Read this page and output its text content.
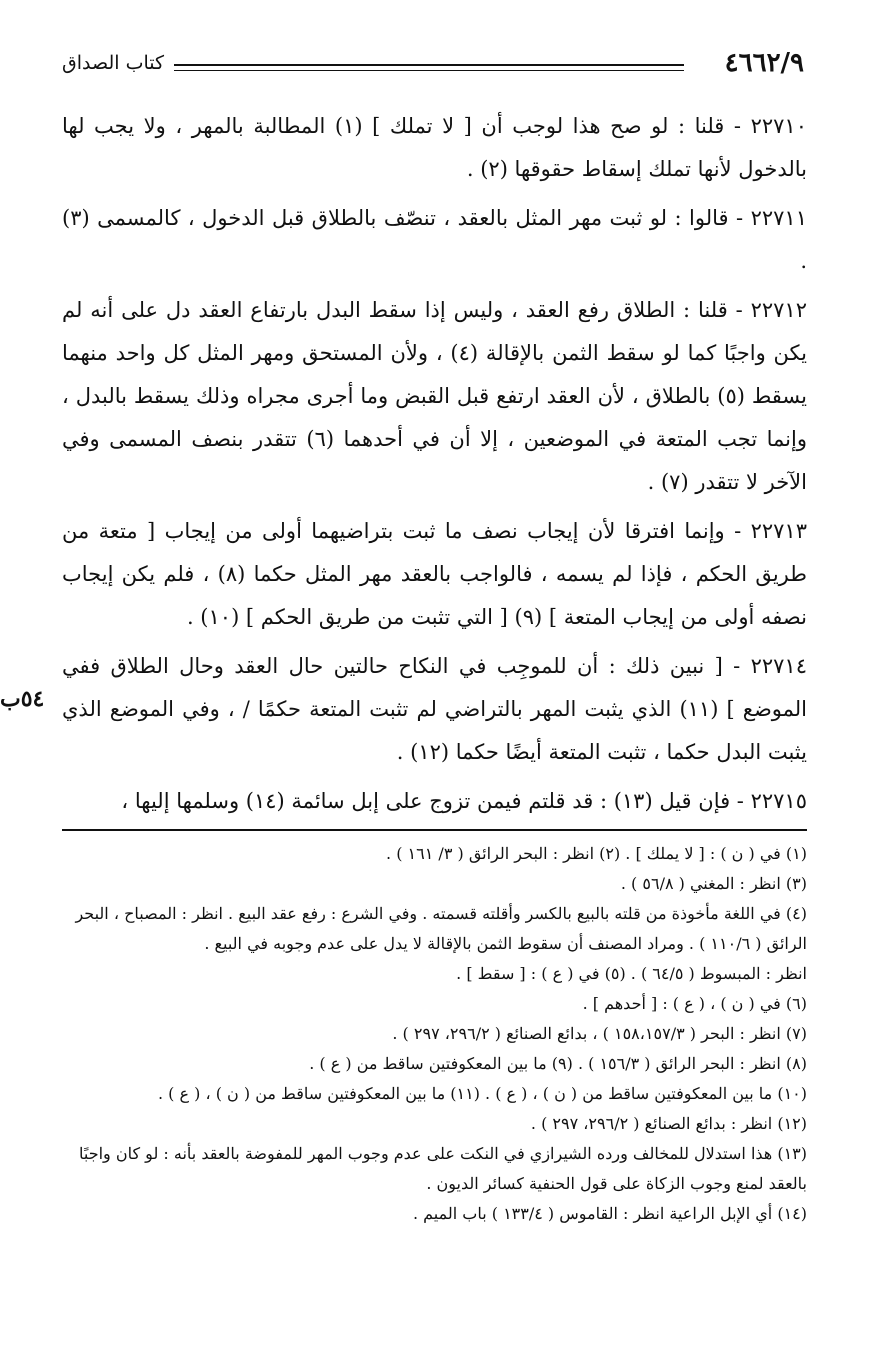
٤٦٦٢/٩
كتاب الصداق
٥٤ب

٢٢٧١٠ - قلنا : لو صح هذا لوجب أن [ لا تملك ] (١) المطالبة بالمهر ، ولا يجب لها بالدخول لأنها تملك إسقاط حقوقها (٢) .

٢٢٧١١ - قالوا : لو ثبت مهر المثل بالعقد ، تنصّف بالطلاق قبل الدخول ، كالمسمى (٣) .

٢٢٧١٢ - قلنا : الطلاق رفع العقد ، وليس إذا سقط البدل بارتفاع العقد دل على أنه لم يكن واجبًا كما لو سقط الثمن بالإقالة (٤) ، ولأن المستحق ومهر المثل كل واحد منهما يسقط (٥) بالطلاق ، لأن العقد ارتفع قبل القبض وما أجرى مجراه وذلك يسقط بالبدل ، وإنما تجب المتعة في الموضعين ، إلا أن في أحدهما (٦) تتقدر بنصف المسمى وفي الآخر لا تتقدر (٧) .

٢٢٧١٣ - وإنما افترقا لأن إيجاب نصف ما ثبت بتراضيهما أولى من إيجاب [ متعة من طريق الحكم ، فإذا لم يسمه ، فالواجب بالعقد مهر المثل حكما (٨) ، فلم يكن إيجاب نصفه أولى من إيجاب المتعة ] (٩) [ التي تثبت من طريق الحكم ] (١٠) .

٢٢٧١٤ - [ نبين ذلك : أن للموجِب في النكاح حالتين حال العقد وحال الطلاق ففي الموضع ] (١١) الذي يثبت المهر بالتراضي لم تثبت المتعة حكمًا / ، وفي الموضع الذي يثبت البدل حكما ، تثبت المتعة أيضًا حكما (١٢) .

٢٢٧١٥ - فإن قيل (١٣) : قد قلتم فيمن تزوج على إبل سائمة (١٤) وسلمها إليها ،

(١) في ( ن ) : [ لا يملك ] . (٢) انظر : البحر الرائق ( ٣/ ١٦١ ) .

(٣) انظر : المغني ( ٥٦/٨ ) .

(٤) في اللغة مأخوذة من قلته بالبيع بالكسر وأقلته قسمته . وفي الشرع : رفع عقد البيع . انظر : المصباح ، البحر الرائق ( ١١٠/٦ ) . ومراد المصنف أن سقوط الثمن بالإقالة لا يدل على عدم وجوبه في البيع .

انظر : المبسوط ( ٦٤/٥ ) . (٥) في ( ع ) : [ سقط ] .

(٦) في ( ن ) ، ( ع ) : [ أحدهم ] .

(٧) انظر : البحر ( ١٥٨،١٥٧/٣ ) ، بدائع الصنائع ( ٢٩٦/٢، ٢٩٧ ) .

(٨) انظر : البحر الرائق ( ١٥٦/٣ ) . (٩) ما بين المعكوفتين ساقط من ( ع ) .

(١٠) ما بين المعكوفتين ساقط من ( ن ) ، ( ع ) . (١١) ما بين المعكوفتين ساقط من ( ن ) ، ( ع ) .

(١٢) انظر : بدائع الصنائع ( ٢٩٦/٢، ٢٩٧ ) .

(١٣) هذا استدلال للمخالف ورده الشيرازي في النكت على عدم وجوب المهر للمفوضة بالعقد بأنه : لو كان واجبًا بالعقد لمنع وجوب الزكاة على قول الحنفية كسائر الديون .

(١٤) أي الإبل الراعية انظر : القاموس ( ١٣٣/٤ ) باب الميم .
